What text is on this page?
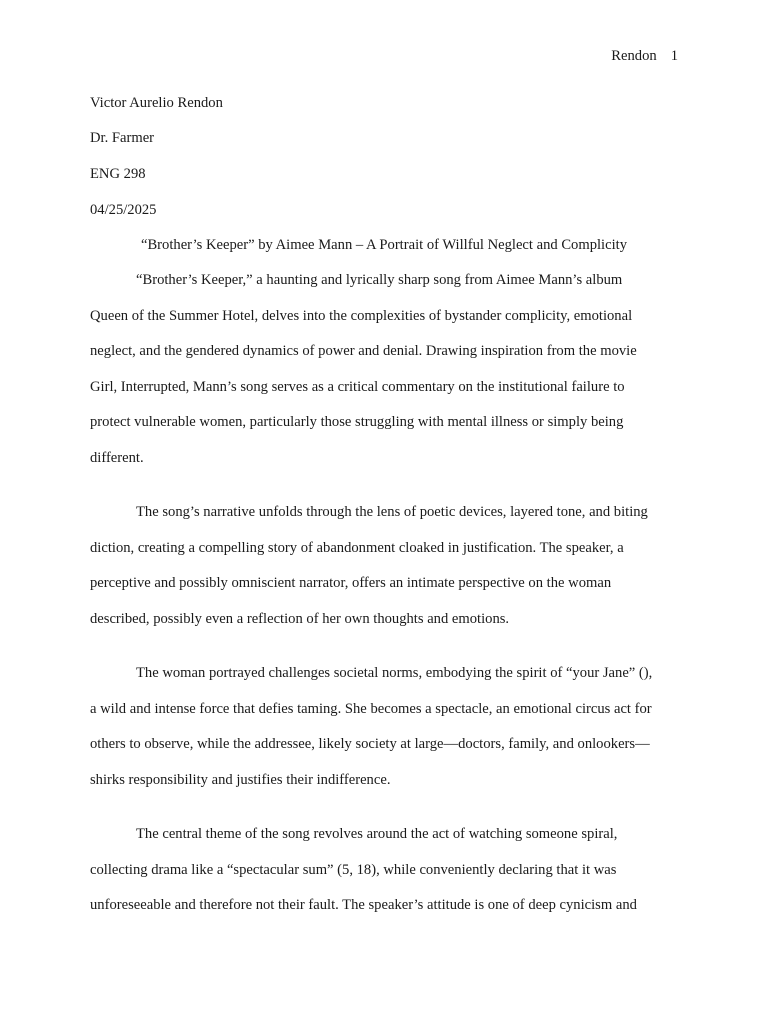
Rendon 1
Victor Aurelio Rendon
Dr. Farmer
ENG 298
04/25/2025
“Brother’s Keeper” by Aimee Mann – A Portrait of Willful Neglect and Complicity
“Brother’s Keeper,” a haunting and lyrically sharp song from Aimee Mann’s album
Queen of the Summer Hotel, delves into the complexities of bystander complicity, emotional
neglect, and the gendered dynamics of power and denial. Drawing inspiration from the movie
Girl, Interrupted, Mann’s song serves as a critical commentary on the institutional failure to
protect vulnerable women, particularly those struggling with mental illness or simply being
different.
The song’s narrative unfolds through the lens of poetic devices, layered tone, and biting
diction, creating a compelling story of abandonment cloaked in justification. The speaker, a
perceptive and possibly omniscient narrator, offers an intimate perspective on the woman
described, possibly even a reflection of her own thoughts and emotions.
The woman portrayed challenges societal norms, embodying the spirit of “your Jane” (),
a wild and intense force that defies taming. She becomes a spectacle, an emotional circus act for
others to observe, while the addressee, likely society at large—doctors, family, and onlookers—
shirks responsibility and justifies their indifference.
The central theme of the song revolves around the act of watching someone spiral,
collecting drama like a “spectacular sum” (5, 18), while conveniently declaring that it was
unforeseeable and therefore not their fault. The speaker’s attitude is one of deep cynicism and
